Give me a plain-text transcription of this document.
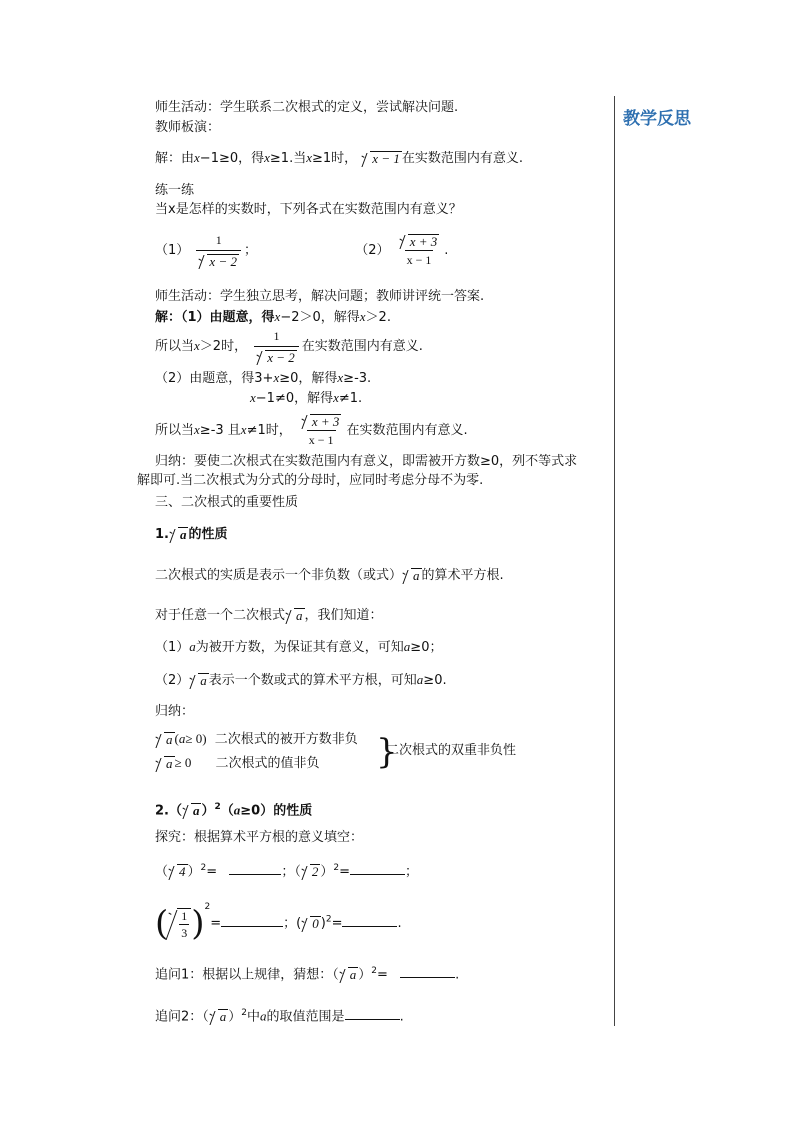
教学反思
师生活动：学生联系二次根式的定义，尝试解决问题.
教师板演：
解：由x−1≥0，得x≥1.当x≥1时， x − 1 在实数范围内有意义.
练一练
当x是怎样的实数时，下列各式在实数范围内有意义？
$(1) \frac{1}{x - 2}$ ；	$(2) \frac{x + 3}{x - 1}$ .
师生活动：学生独立思考，解决问题；教师讲评统一答案.
解：（1）由题意，得x−2＞0，解得x＞2.
所以当x＞2时， $\frac{1}{x - 2}$ 在实数范围内有意义.
（2）由题意，得3+x≥0，解得x≥-3.
x−1≠0，解得x≠1.
所以当x≥-3 且x≠1时， $\frac{x + 3}{x - 1}$ 在实数范围内有意义.
归纳：要使二次根式在实数范围内有意义，即需被开方数≥0，列不等式求
解即可.当二次根式为分式的分母时，应同时考虑分母不为零.
三、二次根式的重要性质
1. a 的性质
二次根式的实质是表示一个非负数（或式） a 的算术平方根.
对于任意一个二次根式 a ，我们知道：
（1）a为被开方数，为保证其有意义，可知a≥0；
（2） a 表示一个数或式的算术平方根，可知a≥0.
归纳：
a (a≥ 0) 二次根式的被开方数非负
a ≥ 0 二次根式的值非负 }
二次根式的双重非负性
2.（ a ）$^2$（a≥0）的性质
探究：根据算术平方根的意义填空：
（ 4 ）$^2$=	；（ 2 ）$^2$=	；
( $\frac{1}{3} )^2=$	；( 0 )$^2$=	.
追问1：根据以上规律，猜想：（ a ）$^2$=	.
追问2：（ a ）$^2$中a的取值范围是	.
